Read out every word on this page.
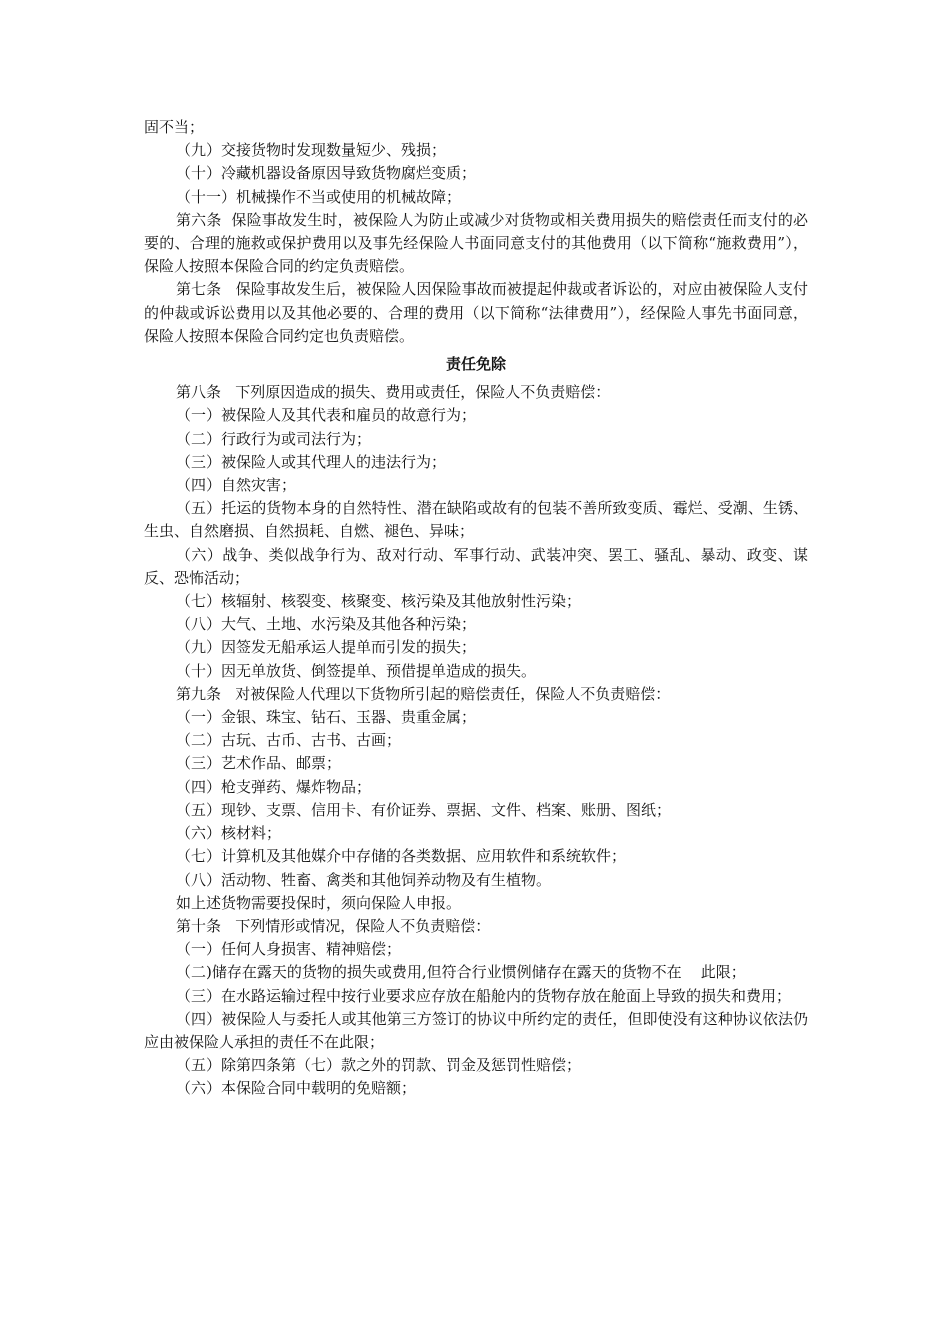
固不当；

（九）交接货物时发现数量短少、残损；

（十）冷藏机器设备原因导致货物腐烂变质；

（十一）机械操作不当或使用的机械故障；

第六条  保险事故发生时，被保险人为防止或减少对货物或相关费用损失的赔偿责任而支付的必要的、合理的施救或保护费用以及事先经保险人书面同意支付的其他费用（以下简称“施救费用”），保险人按照本保险合同的约定负责赔偿。

第七条   保险事故发生后，被保险人因保险事故而被提起仲裁或者诉讼的，对应由被保险人支付的仲裁或诉讼费用以及其他必要的、合理的费用（以下简称“法律费用”），经保险人事先书面同意，保险人按照本保险合同约定也负责赔偿。

责任免除

第八条   下列原因造成的损失、费用或责任，保险人不负责赔偿：

（一）被保险人及其代表和雇员的故意行为；

（二）行政行为或司法行为；

（三）被保险人或其代理人的违法行为；

（四）自然灾害；

（五）托运的货物本身的自然特性、潜在缺陷或故有的包装不善所致变质、霉烂、受潮、生锈、生虫、自然磨损、自然损耗、自燃、褪色、异味；

（六）战争、类似战争行为、敌对行动、军事行动、武装冲突、罢工、骚乱、暴动、政变、谋反、恐怖活动；

（七）核辐射、核裂变、核聚变、核污染及其他放射性污染；

（八）大气、土地、水污染及其他各种污染；

（九）因签发无船承运人提单而引发的损失；

（十）因无单放货、倒签提单、预借提单造成的损失。

第九条   对被保险人代理以下货物所引起的赔偿责任，保险人不负责赔偿：

（一）金银、珠宝、钻石、玉器、贵重金属；

（二）古玩、古币、古书、古画；

（三）艺术作品、邮票；

（四）枪支弹药、爆炸物品；

（五）现钞、支票、信用卡、有价证券、票据、文件、档案、账册、图纸；

（六）核材料；

（七）计算机及其他媒介中存储的各类数据、应用软件和系统软件；

（八）活动物、牲畜、禽类和其他饲养动物及有生植物。

如上述货物需要投保时，须向保险人申报。

第十条   下列情形或情况，保险人不负责赔偿：

（一）任何人身损害、精神赔偿；

（二)储存在露天的货物的损失或费用,但符合行业惯例储存在露天的货物不在    此限；

（三）在水路运输过程中按行业要求应存放在船舱内的货物存放在舱面上导致的损失和费用；

（四）被保险人与委托人或其他第三方签订的协议中所约定的责任，但即使没有这种协议依法仍应由被保险人承担的责任不在此限；

（五）除第四条第（七）款之外的罚款、罚金及惩罚性赔偿；

（六）本保险合同中载明的免赔额；
